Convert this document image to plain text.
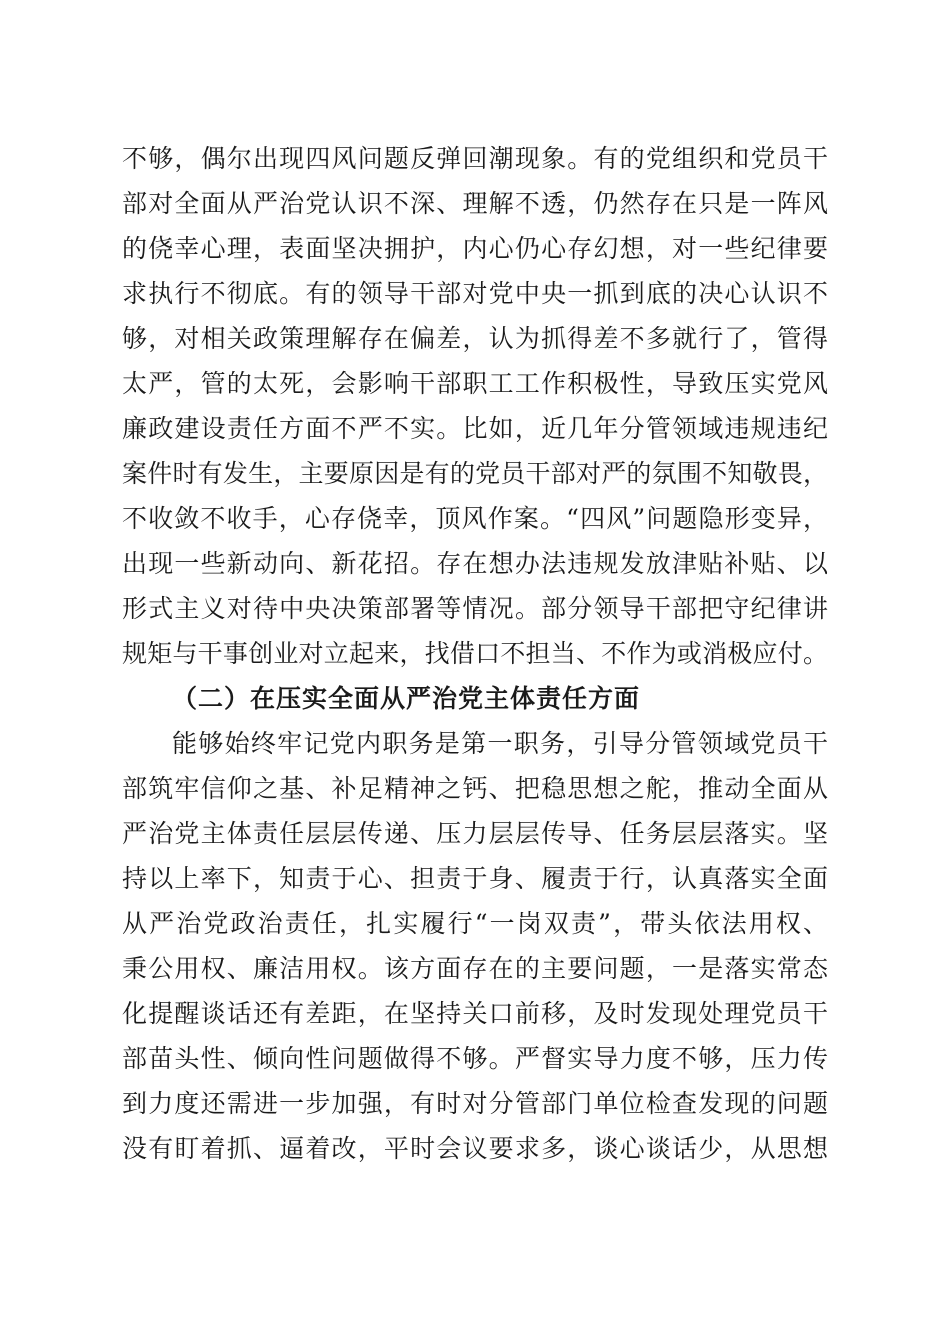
不够，偶尔出现四风问题反弹回潮现象。有的党组织和党员干
部对全面从严治党认识不深、理解不透，仍然存在只是一阵风
的侥幸心理，表面坚决拥护，内心仍心存幻想，对一些纪律要
求执行不彻底。有的领导干部对党中央一抓到底的决心认识不
够，对相关政策理解存在偏差，认为抓得差不多就行了，管得
太严，管的太死，会影响干部职工工作积极性，导致压实党风
廉政建设责任方面不严不实。比如，近几年分管领域违规违纪
案件时有发生，主要原因是有的党员干部对严的氛围不知敬畏，
不收敛不收手，心存侥幸，顶风作案。“四风”问题隐形变异，
出现一些新动向、新花招。存在想办法违规发放津贴补贴、以
形式主义对待中央决策部署等情况。部分领导干部把守纪律讲
规矩与干事创业对立起来，找借口不担当、不作为或消极应付。
（二）在压实全面从严治党主体责任方面
能够始终牢记党内职务是第一职务，引导分管领域党员干
部筑牢信仰之基、补足精神之钙、把稳思想之舵，推动全面从
严治党主体责任层层传递、压力层层传导、任务层层落实。坚
持以上率下，知责于心、担责于身、履责于行，认真落实全面
从严治党政治责任，扎实履行“一岗双责”，带头依法用权、
秉公用权、廉洁用权。该方面存在的主要问题，一是落实常态
化提醒谈话还有差距，在坚持关口前移，及时发现处理党员干
部苗头性、倾向性问题做得不够。严督实导力度不够，压力传
到力度还需进一步加强，有时对分管部门单位检查发现的问题
没有盯着抓、逼着改，平时会议要求多，谈心谈话少，从思想
